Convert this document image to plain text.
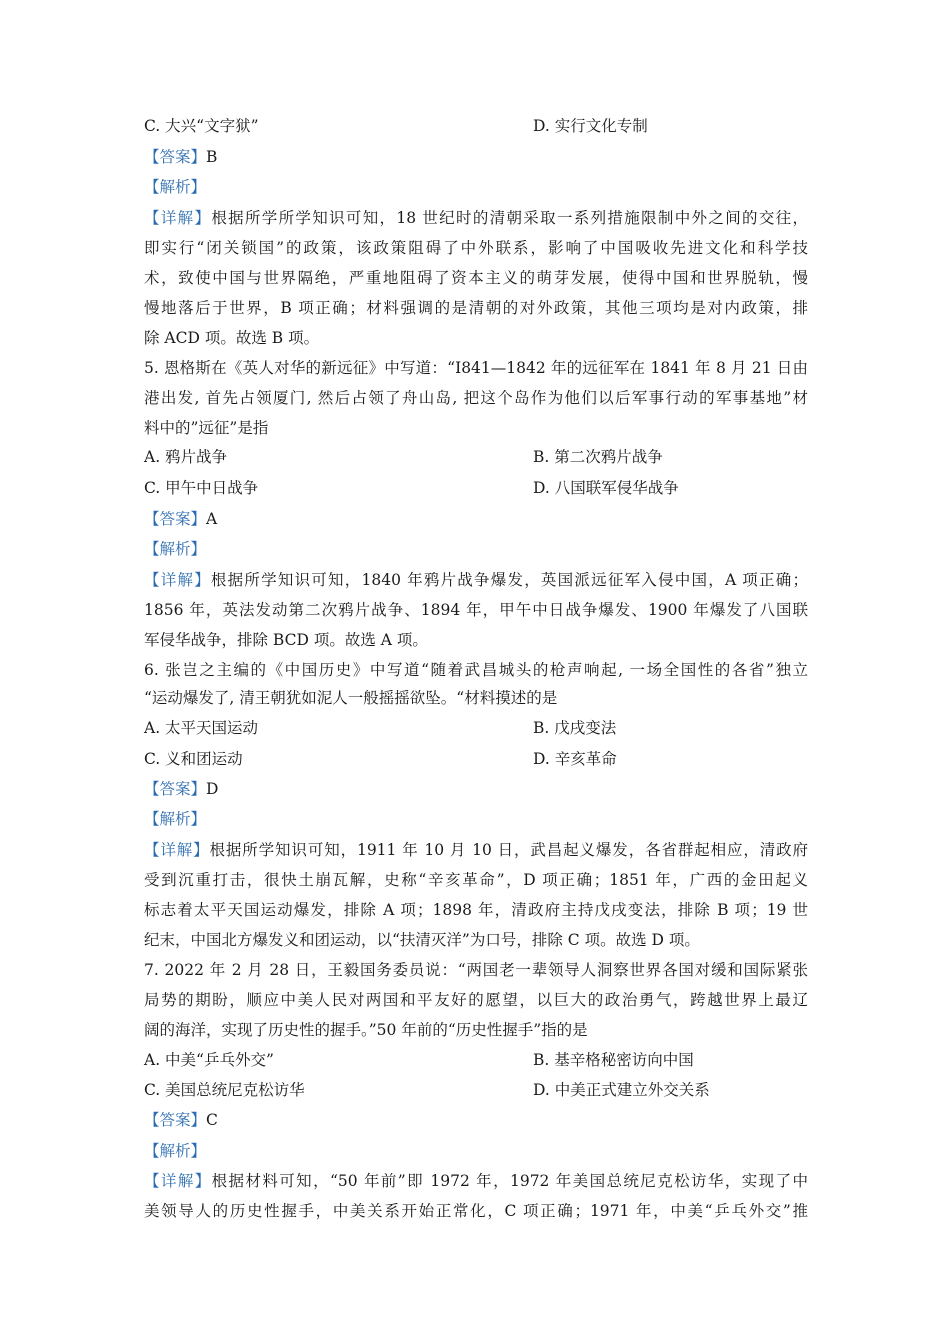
C. 大兴“文字狱”	D. 实行文化专制
【答案】B
【解析】
【详解】根据所学所学知识可知，18 世纪时的清朝采取一系列措施限制中外之间的交往，
即实行“闭关锁国”的政策，该政策阻碍了中外联系，影响了中国吸收先进文化和科学技
术，致使中国与世界隔绝，严重地阻碍了资本主义的萌芽发展，使得中国和世界脱轨，慢
慢地落后于世界，B 项正确；材料强调的是清朝的对外政策，其他三项均是对内政策，排
除 ACD 项。故选 B 项。
5. 恩格斯在《英人对华的新远征》中写道：“I841—1842 年的远征军在 1841 年 8 月 21 日由
港出发, 首先占领厦门, 然后占领了舟山岛, 把这个岛作为他们以后军事行动的军事基地”材
料中的”远征”是指
A. 鸦片战争	B. 第二次鸦片战争
C. 甲午中日战争	D. 八国联军侵华战争
【答案】A
【解析】
【详解】根据所学知识可知，1840 年鸦片战争爆发，英国派远征军入侵中国，A 项正确；
1856 年，英法发动第二次鸦片战争、1894 年，甲午中日战争爆发、1900 年爆发了八国联
军侵华战争，排除 BCD 项。故选 A 项。
6. 张岂之主编的《中国历史》中写道“随着武昌城头的枪声响起, 一场全国性的各省”独立
“运动爆发了, 清王朝犹如泥人一般摇摇欲坠。“材料摸述的是
A. 太平天国运动	B. 戊戌变法
C. 义和团运动	D. 辛亥革命
【答案】D
【解析】
【详解】根据所学知识可知，1911 年 10 月 10 日，武昌起义爆发，各省群起相应，清政府
受到沉重打击，很快土崩瓦解，史称“辛亥革命”，D 项正确；1851 年，广西的金田起义
标志着太平天国运动爆发，排除 A 项；1898 年，清政府主持戊戌变法，排除 B 项；19 世
纪末，中国北方爆发义和团运动，以“扶清灭洋”为口号，排除 C 项。故选 D 项。
7. 2022 年 2 月 28 日，王毅国务委员说：“两国老一辈领导人洞察世界各国对缓和国际紧张
局势的期盼，顺应中美人民对两国和平友好的愿望，以巨大的政治勇气，跨越世界上最辽
阔的海洋，实现了历史性的握手。”50 年前的“历史性握手”指的是
A. 中美“乒乓外交”	B. 基辛格秘密访向中国
C. 美国总统尼克松访华	D. 中美正式建立外交关系
【答案】C
【解析】
【详解】根据材料可知，“50 年前”即 1972 年，1972 年美国总统尼克松访华，实现了中
美领导人的历史性握手，中美关系开始正常化，C 项正确；1971 年，中美“乒乓外交”推
